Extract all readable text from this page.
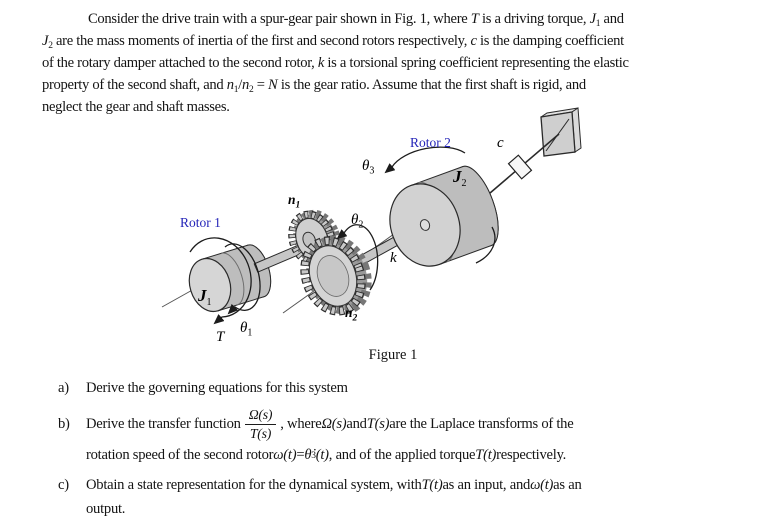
Consider the drive train with a spur-gear pair shown in Fig. 1, where T is a driving torque, $J_1$ and
$J_2$ are the mass moments of inertia of the first and second rotors respectively, c is the damping coefficient
of the rotary damper attached to the second rotor, k is a torsional spring coefficient representing the elastic
property of the second shaft, and $n_1/n_2 = N$ is the gear ratio. Assume that the first shaft is rigid, and
neglect the gear and shaft masses.
Rotor 1
Rotor 2
$J_1$
$J_2$
$n_1$
$n_2$
$\theta_1$
$\theta_2$
$\theta_3$
T
k
c
Figure 1
a)	Derive the governing equations for this system
b)	Derive the transfer function $\frac{\Omega(s)}{T(s)}$ , where Ω(s) and T(s) are the Laplace transforms of the
rotation speed of the second rotor ω(t) = θ̇ 3 (t) , and of the applied torque T(t) respectively.
c)	Obtain a state representation for the dynamical system, with T(t) as an input, and ω(t) as an
output.
